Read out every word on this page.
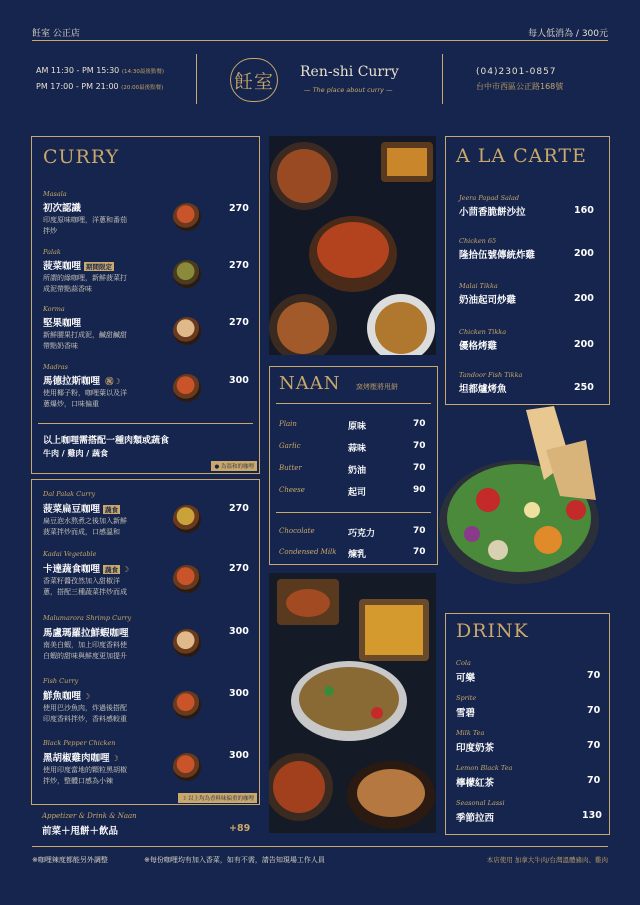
飪室 公正店	每人低消為 / 300元
AM 11:30 - PM 15:30 (14:30最後點餐)
PM 17:00 - PM 21:00 (20:00最後點餐)	飪室 Ren-shi Curry
— The place about curry —
(04)2301-0857
台中市西區公正路168號
CURRY
Masala
初次認識
印度原味咖哩，洋蔥和番茄
拌炒
270
Palak
菠菜咖哩 期間限定
所謂的綠咖哩，新鮮菠菜打
成泥帶點蒜香味
270
Korma
堅果咖哩
新鮮腰果打成泥，鹹甜鹹甜
帶點奶香味
270
Madras
馬德拉斯咖哩 ㊗☽
使用椰子粉，咖哩葉以及洋
蔥爆炒，口味偏重
300
以上咖哩需搭配一種肉類或蔬食
牛肉 / 雞肉 / 蔬食
● 為溫和的咖哩
Dal Palak Curry
菠菜扁豆咖哩 蔬食
扁豆泡水熬煮之後加入新鮮
菠菜拌炒而成，口感溫和
270
Kadai Vegetable
卡達蔬食咖哩 蔬食 ☽
香菜籽醬孜然加入甜椒洋
蔥，搭配三種蔬菜拌炒而成
270
Malumarora Shrimp Curry
馬盧瑪羅拉鮮蝦咖哩
南美白蝦，加上印度香料使
白蝦的甜味與鮮度更加提升
300
Fish Curry
鮮魚咖哩 ☽
使用巴沙魚肉，炸過後搭配
印度香料拌炒，香料感較重
300
Black Pepper Chicken
黑胡椒雞肉咖哩 ☽
使用印度當地的顆粒黑胡椒
拌炒，整體口感為小辣
300
☽ 以上均為香料味偏重的咖哩
Appetizer & Drink & Naan
前菜＋甩餅＋飲品	+89
NAAN 窯烤壓將甩餅
Plain	原味	70
Garlic	蒜味	70
Butter	奶油	70
Cheese	起司	90
Chocolate	巧克力	70
Condensed Milk 煉乳	70
A LA CARTE
Jeera Papad Salad
小茴香脆餅沙拉	160
Chicken 65
隆拾伍號傳統炸雞	200
Malai Tikka
奶油起司炒雞	200
Chicken Tikka
優格烤雞	200
Tandoor Fish Tikka
坦都爐烤魚	250
DRINK
Cola
可樂	70
Sprite
雪碧	70
Milk Tea
印度奶茶	70
Lemon Black Tea
檸檬紅茶	70
Seasonal Lassi
季節拉西	130
※咖哩辣度都能另外調整	※每份咖哩均有加入香菜，如有不需，請告知現場工作人員	本店使用 加拿大牛肉/台灣溫體豬肉、雞肉
